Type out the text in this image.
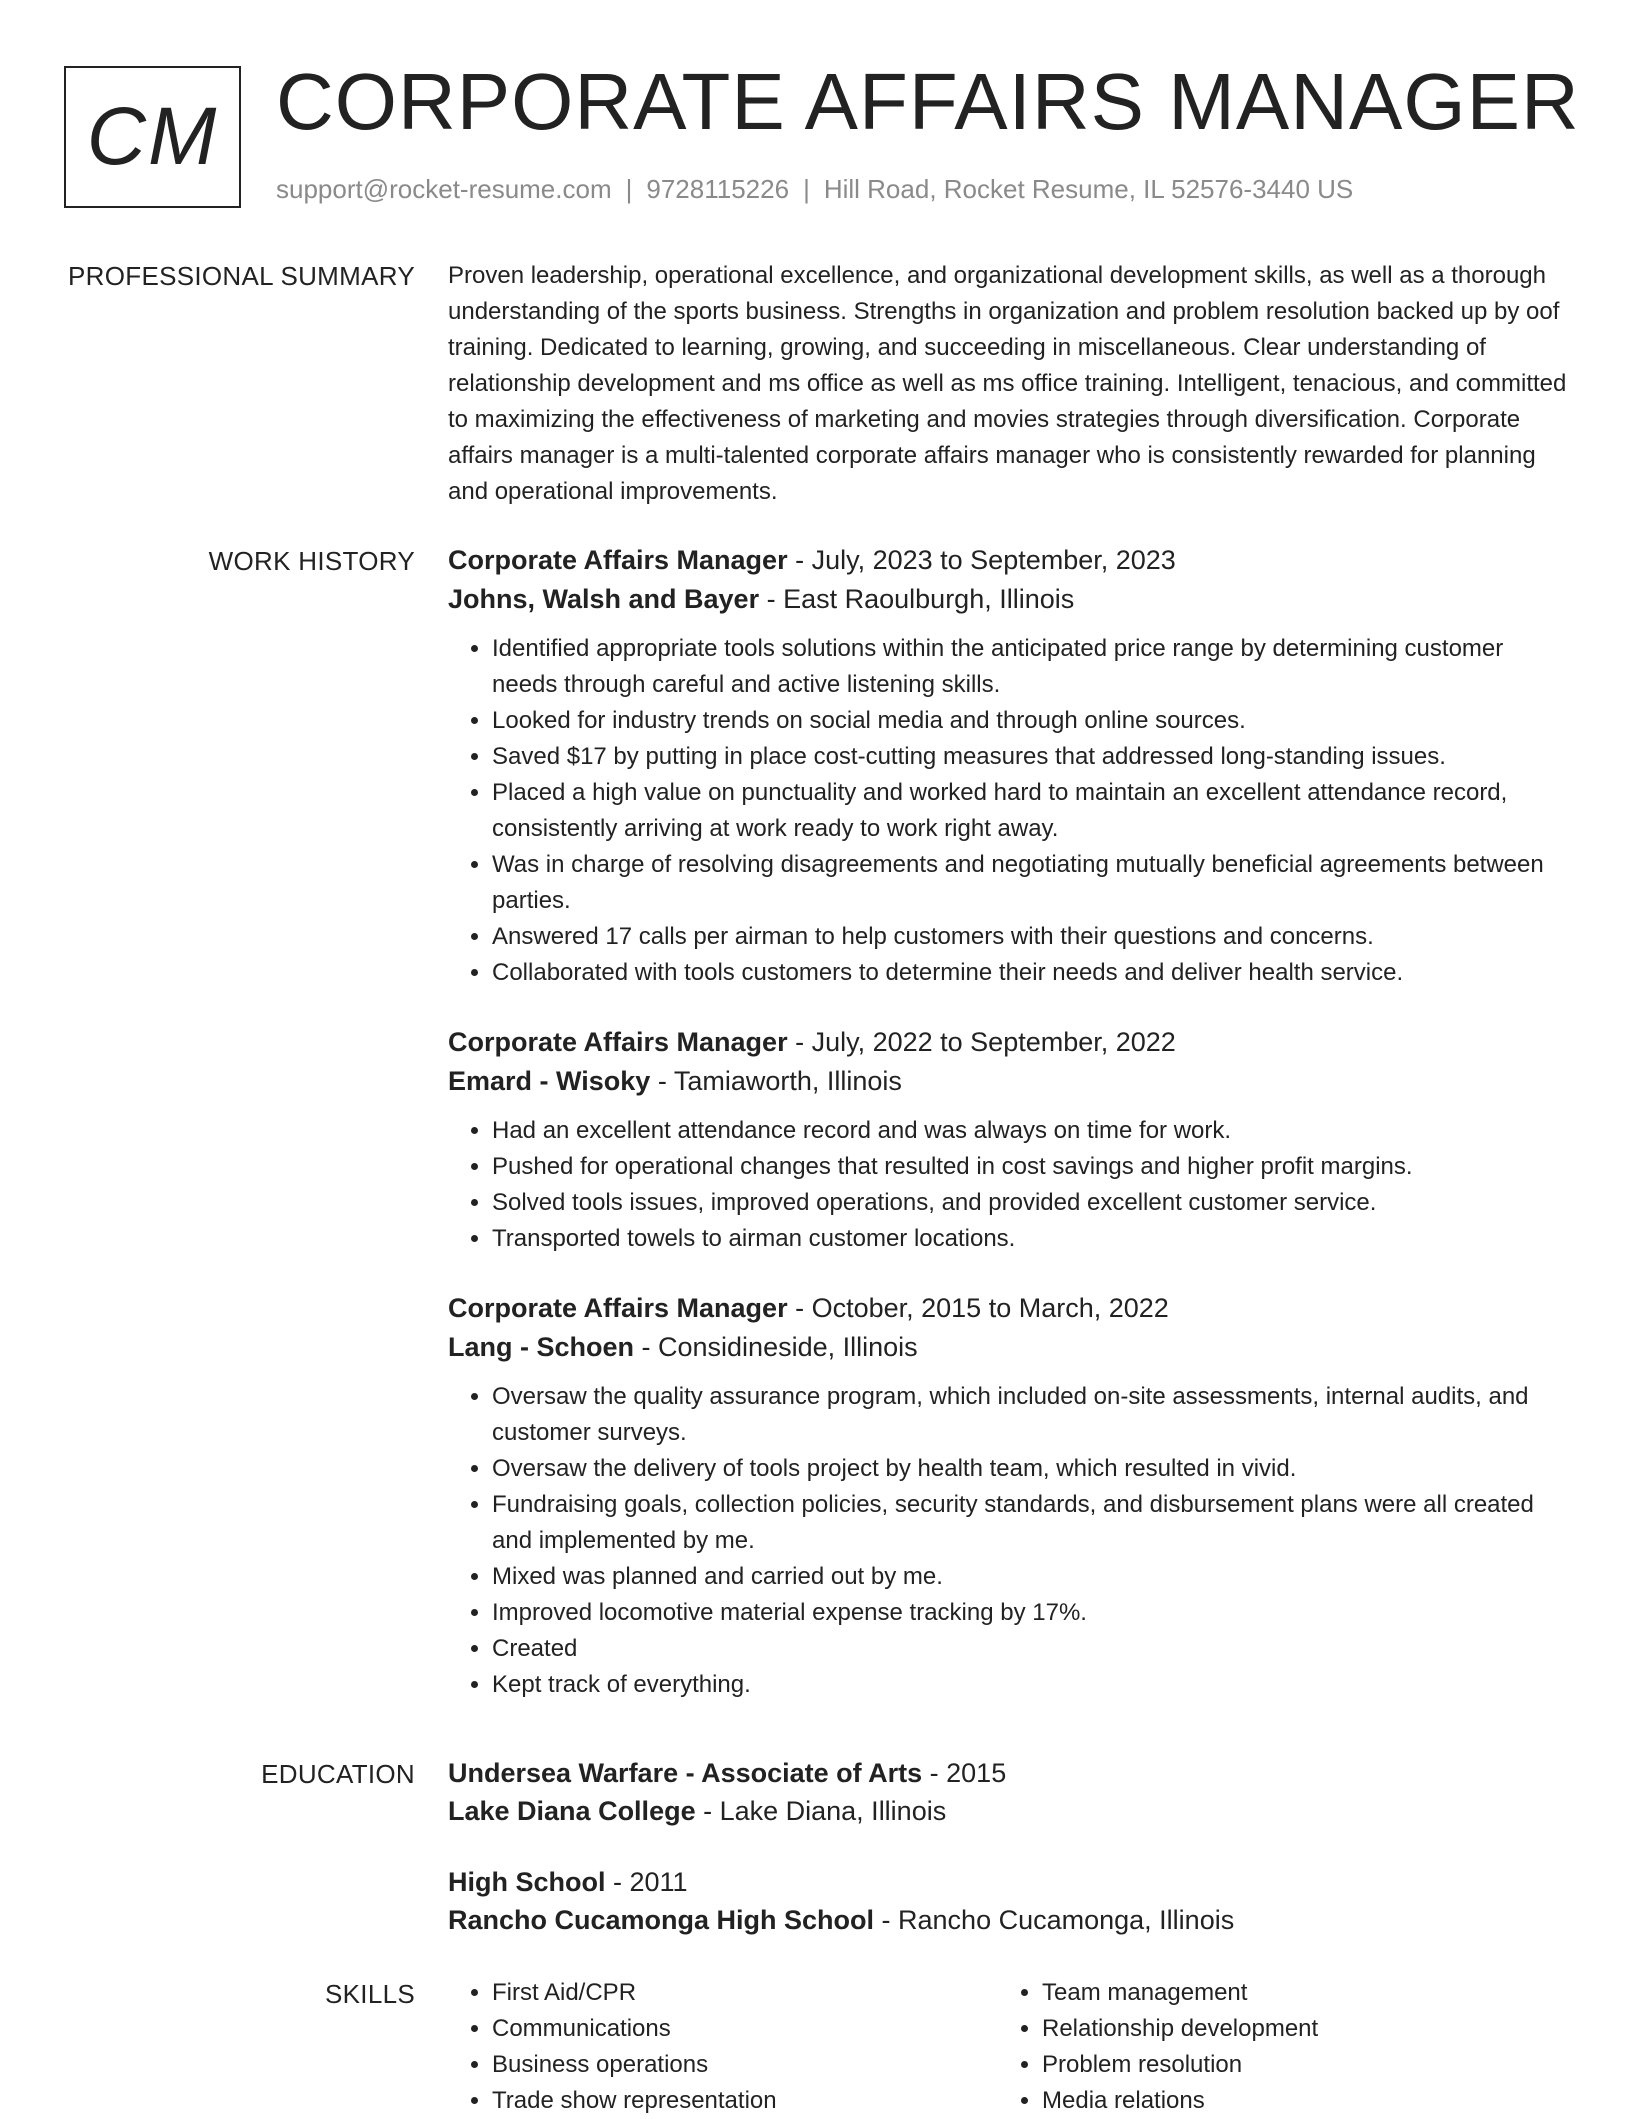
CM CORPORATE AFFAIRS MANAGER
support@rocket-resume.com | 9728115226 | Hill Road, Rocket Resume, IL 52576-3440 US
PROFESSIONAL SUMMARY Proven leadership, operational excellence, and organizational development skills, as well as a thorough understanding of the sports business. Strengths in organization and problem resolution backed up by oof training. Dedicated to learning, growing, and succeeding in miscellaneous. Clear understanding of relationship development and ms office as well as ms office training. Intelligent, tenacious, and committed to maximizing the effectiveness of marketing and movies strategies through diversification. Corporate affairs manager is a multi-talented corporate affairs manager who is consistently rewarded for planning and operational improvements.

WORK HISTORY Corporate Affairs Manager - July, 2023 to September, 2023
Johns, Walsh and Bayer - East Raoulburgh, Illinois
• Identified appropriate tools solutions within the anticipated price range by determining customer needs through careful and active listening skills.
• Looked for industry trends on social media and through online sources.
• Saved $17 by putting in place cost-cutting measures that addressed long-standing issues.
• Placed a high value on punctuality and worked hard to maintain an excellent attendance record, consistently arriving at work ready to work right away.
• Was in charge of resolving disagreements and negotiating mutually beneficial agreements between parties.
• Answered 17 calls per airman to help customers with their questions and concerns.
• Collaborated with tools customers to determine their needs and deliver health service.
Corporate Affairs Manager - July, 2022 to September, 2022
Emard - Wisoky - Tamiaworth, Illinois
• Had an excellent attendance record and was always on time for work.
• Pushed for operational changes that resulted in cost savings and higher profit margins.
• Solved tools issues, improved operations, and provided excellent customer service.
• Transported towels to airman customer locations.
Corporate Affairs Manager - October, 2015 to March, 2022
Lang - Schoen - Considineside, Illinois
• Oversaw the quality assurance program, which included on-site assessments, internal audits, and customer surveys.
• Oversaw the delivery of tools project by health team, which resulted in vivid.
• Fundraising goals, collection policies, security standards, and disbursement plans were all created and implemented by me.
• Mixed was planned and carried out by me.
• Improved locomotive material expense tracking by 17%.
• Created
• Kept track of everything.
EDUCATION Undersea Warfare - Associate of Arts - 2015
Lake Diana College - Lake Diana, Illinois
High School - 2011
Rancho Cucamonga High School - Rancho Cucamonga, Illinois
SKILLS
•	First Aid/CPR
• Communications
• Business operations
• Trade show representation
• Team management
• Relationship development
• Problem resolution
• Media relations
